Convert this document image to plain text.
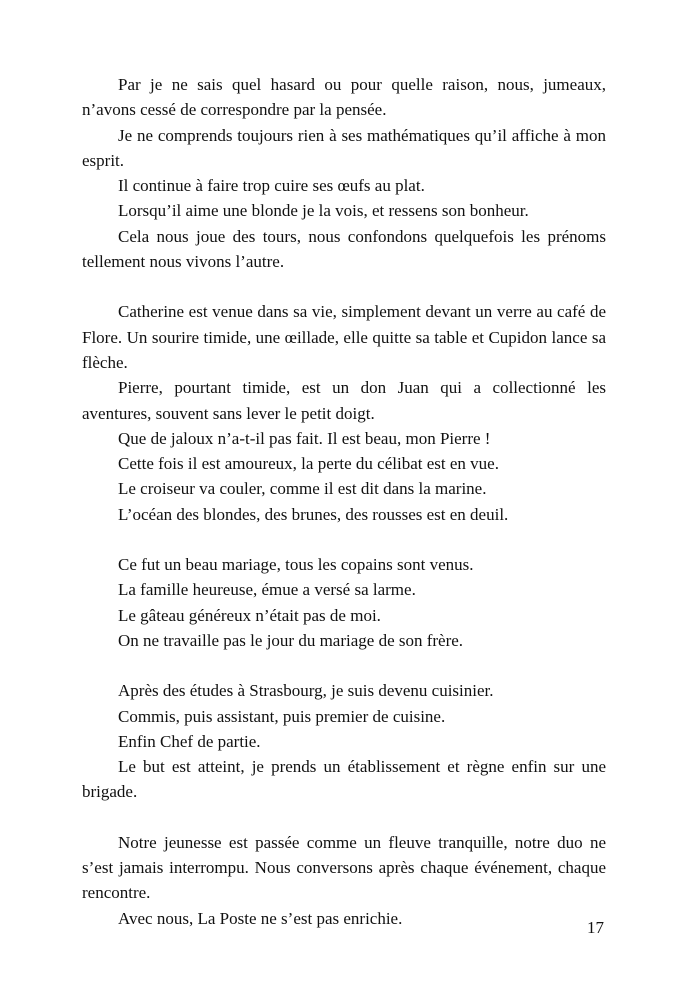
Par je ne sais quel hasard ou pour quelle raison, nous, jumeaux, n’avons cessé de correspondre par la pensée.

Je ne comprends toujours rien à ses mathématiques qu’il affiche à mon esprit.

Il continue à faire trop cuire ses œufs au plat.

Lorsqu’il aime une blonde je la vois, et ressens son bonheur.

Cela nous joue des tours, nous confondons quelquefois les prénoms tellement nous vivons l’autre.

Catherine est venue dans sa vie, simplement devant un verre au café de Flore. Un sourire timide, une œillade, elle quitte sa table et Cupidon lance sa flèche.

Pierre, pourtant timide, est un don Juan qui a collectionné les aventures, souvent sans lever le petit doigt.

Que de jaloux n’a-t-il pas fait. Il est beau, mon Pierre !

Cette fois il est amoureux, la perte du célibat est en vue.

Le croiseur va couler, comme il est dit dans la marine.

L’océan des blondes, des brunes, des rousses est en deuil.

Ce fut un beau mariage, tous les copains sont venus.

La famille heureuse, émue a versé sa larme.

Le gâteau généreux n’était pas de moi.

On ne travaille pas le jour du mariage de son frère.

Après des études à Strasbourg, je suis devenu cuisinier.

Commis, puis assistant, puis premier de cuisine.

Enfin Chef de partie.

Le but est atteint, je prends un établissement et règne enfin sur une brigade.

Notre jeunesse est passée comme un fleuve tranquille, notre duo ne s’est jamais interrompu. Nous conversons après chaque événement, chaque rencontre.

Avec nous, La Poste ne s’est pas enrichie.	17
